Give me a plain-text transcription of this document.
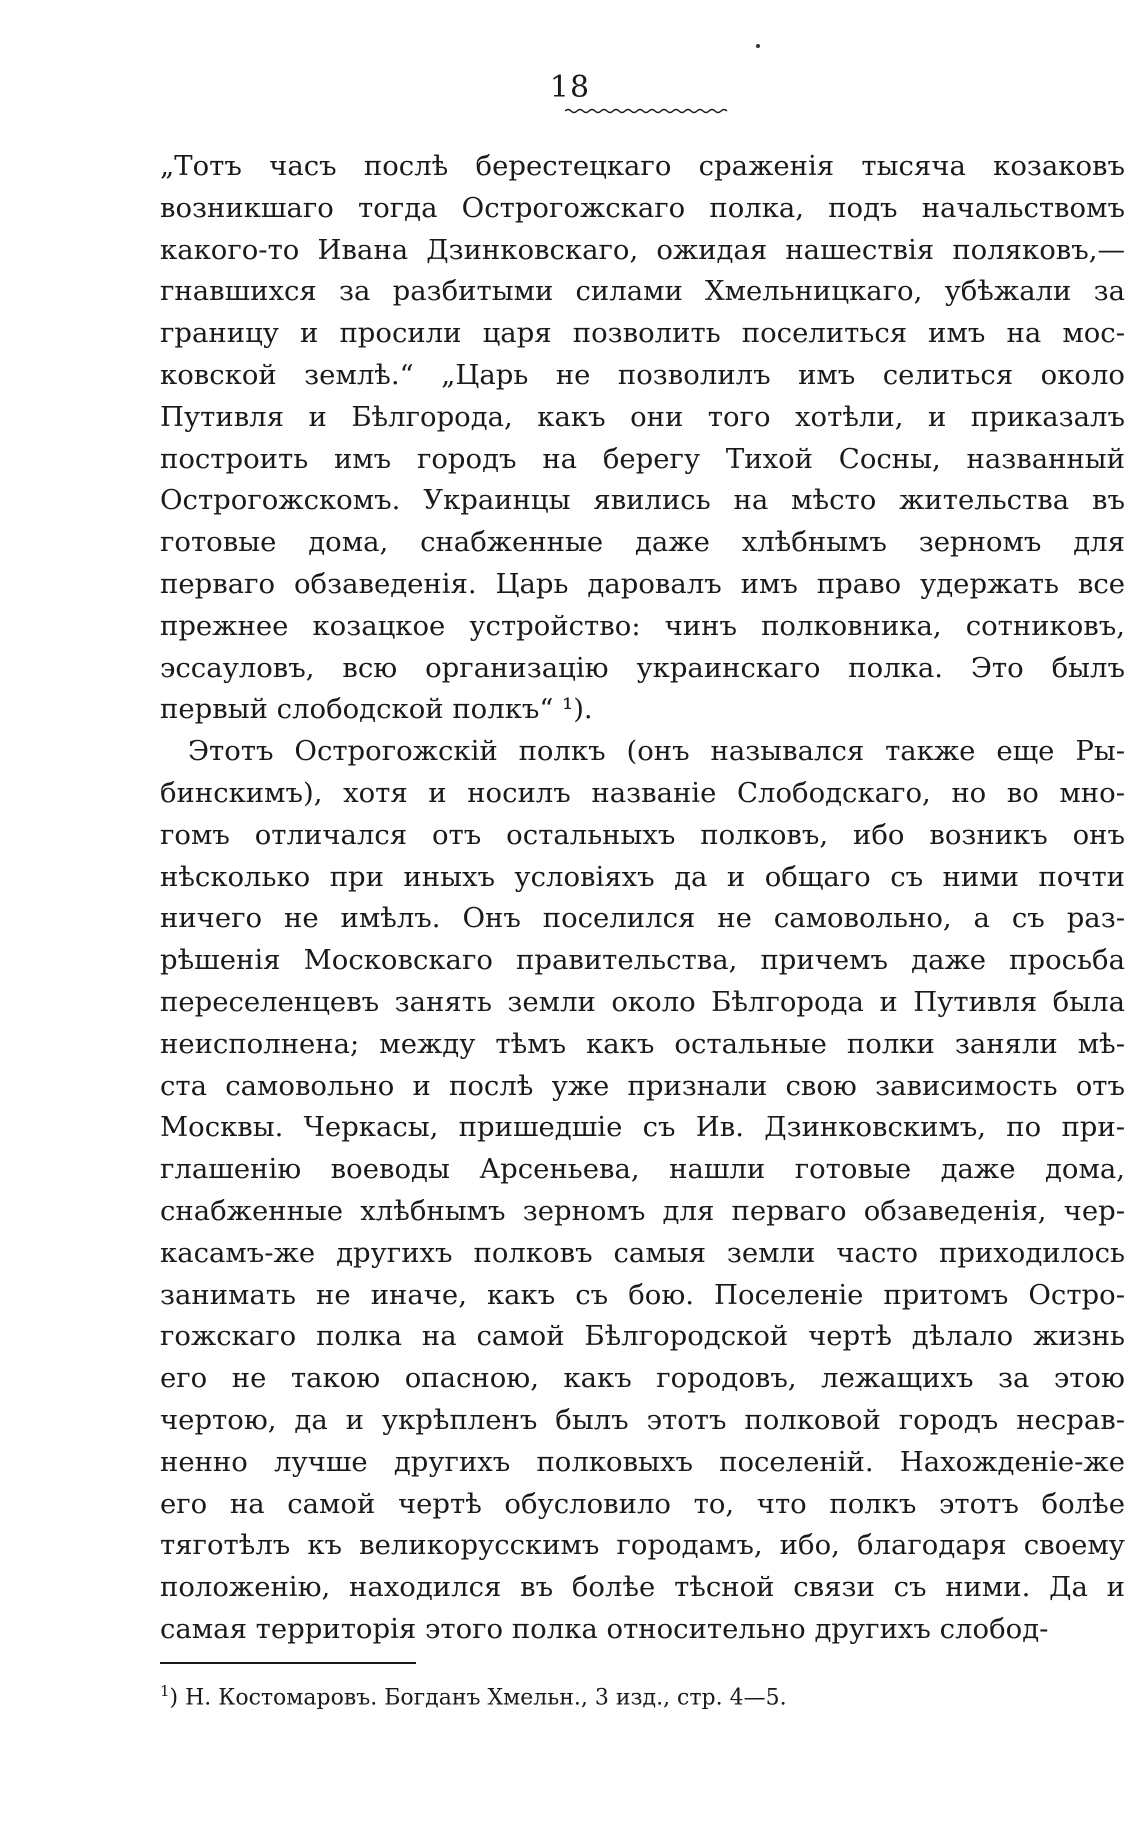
18
„Тотъ часъ послѣ берестецкаго сраженія тысяча козаковъ
возникшаго тогда Острогожскаго полка, подъ начальствомъ
какого-то Ивана Дзинковскаго, ожидая нашествія поляковъ,—
гнавшихся за разбитыми силами Хмельницкаго, убѣжали за
границу и просили царя позволить поселиться имъ на мос-
ковской землѣ.“ „Царь не позволилъ имъ селиться около
Путивля и Бѣлгорода, какъ они того хотѣли, и приказалъ
построить имъ городъ на берегу Тихой Сосны, названный
Острогожскомъ. Украинцы явились на мѣсто жительства въ
готовые дома, снабженные даже хлѣбнымъ зерномъ для
перваго обзаведенія. Царь даровалъ имъ право удержать все
прежнее козацкое устройство: чинъ полковника, сотниковъ,
эссауловъ, всю организацію украинскаго полка. Это былъ
первый слободской полкъ“ ¹).
Этотъ Острогожскій полкъ (онъ назывался также еще Ры-
бинскимъ), хотя и носилъ названіе Слободскаго, но во мно-
гомъ отличался отъ остальныхъ полковъ, ибо возникъ онъ
нѣсколько при иныхъ условіяхъ да и общаго съ ними почти
ничего не имѣлъ. Онъ поселился не самовольно, а съ раз-
рѣшенія Московскаго правительства, причемъ даже просьба
переселенцевъ занять земли около Бѣлгорода и Путивля была
неисполнена; между тѣмъ какъ остальные полки заняли мѣ-
ста самовольно и послѣ уже признали свою зависимость отъ
Москвы. Черкасы, пришедшіе съ Ив. Дзинковскимъ, по при-
глашенію воеводы Арсеньева, нашли готовые даже дома,
снабженные хлѣбнымъ зерномъ для перваго обзаведенія, чер-
касамъ-же другихъ полковъ самыя земли часто приходилось
занимать не иначе, какъ съ бою. Поселеніе притомъ Остро-
гожскаго полка на самой Бѣлгородской чертѣ дѣлало жизнь
его не такою опасною, какъ городовъ, лежащихъ за этою
чертою, да и укрѣпленъ былъ этотъ полковой городъ несрав-
ненно лучше другихъ полковыхъ поселеній. Нахожденіе-же
его на самой чертѣ обусловило то, что полкъ этотъ болѣе
тяготѣлъ къ великорусскимъ городамъ, ибо, благодаря своему
положенію, находился въ болѣе тѣсной связи съ ними. Да и
самая территорія этого полка относительно другихъ слобод-
$^1$) Н. Костомаровъ. Богданъ Хмельн., 3 изд., стр. 4—5.
